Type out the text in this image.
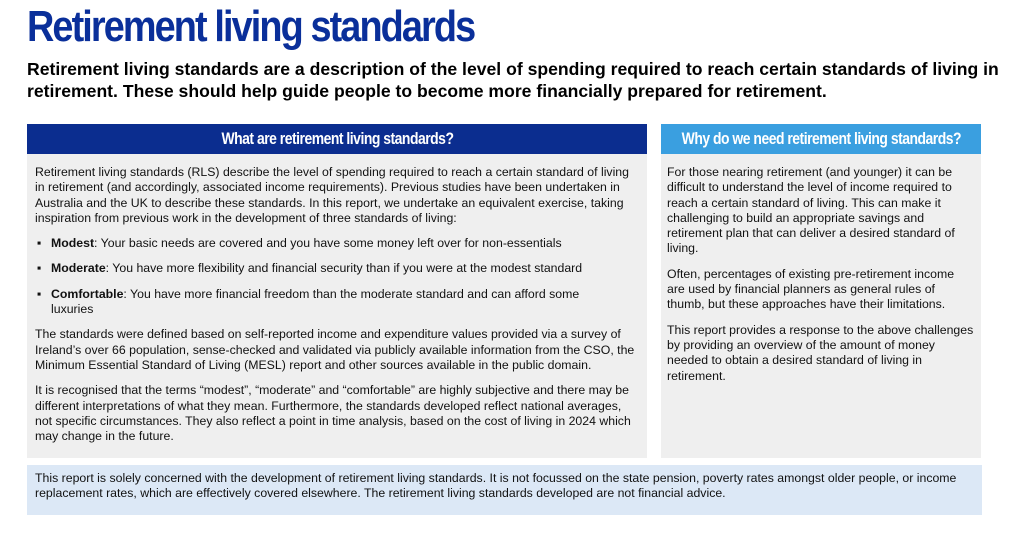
Retirement living standards
Retirement living standards are a description of the level of spending required to reach certain standards of living in retirement. These should help guide people to become more financially prepared for retirement.
What are retirement living standards?

Retirement living standards (RLS) describe the level of spending required to reach a certain standard of living in retirement (and accordingly, associated income requirements). Previous studies have been undertaken in Australia and the UK to describe these standards. In this report, we undertake an equivalent exercise, taking inspiration from previous work in the development of three standards of living:

▪ Modest: Your basic needs are covered and you have some money left over for non-essentials
▪ Moderate: You have more flexibility and financial security than if you were at the modest standard
▪ Comfortable: You have more financial freedom than the moderate standard and can afford some luxuries

The standards were defined based on self-reported income and expenditure values provided via a survey of Ireland’s over 66 population, sense-checked and validated via publicly available information from the CSO, the Minimum Essential Standard of Living (MESL) report and other sources available in the public domain.

It is recognised that the terms “modest”, “moderate” and “comfortable” are highly subjective and there may be different interpretations of what they mean. Furthermore, the standards developed reflect national averages, not specific circumstances. They also reflect a point in time analysis, based on the cost of living in 2024 which may change in the future.

Why do we need retirement living standards?

For those nearing retirement (and younger) it can be difficult to understand the level of income required to reach a certain standard of living. This can make it challenging to build an appropriate savings and retirement plan that can deliver a desired standard of living.

Often, percentages of existing pre-retirement income are used by financial planners as general rules of thumb, but these approaches have their limitations.

This report provides a response to the above challenges by providing an overview of the amount of money needed to obtain a desired standard of living in retirement.

This report is solely concerned with the development of retirement living standards. It is not focussed on the state pension, poverty rates amongst older people, or income replacement rates, which are effectively covered elsewhere. The retirement living standards developed are not financial advice.
